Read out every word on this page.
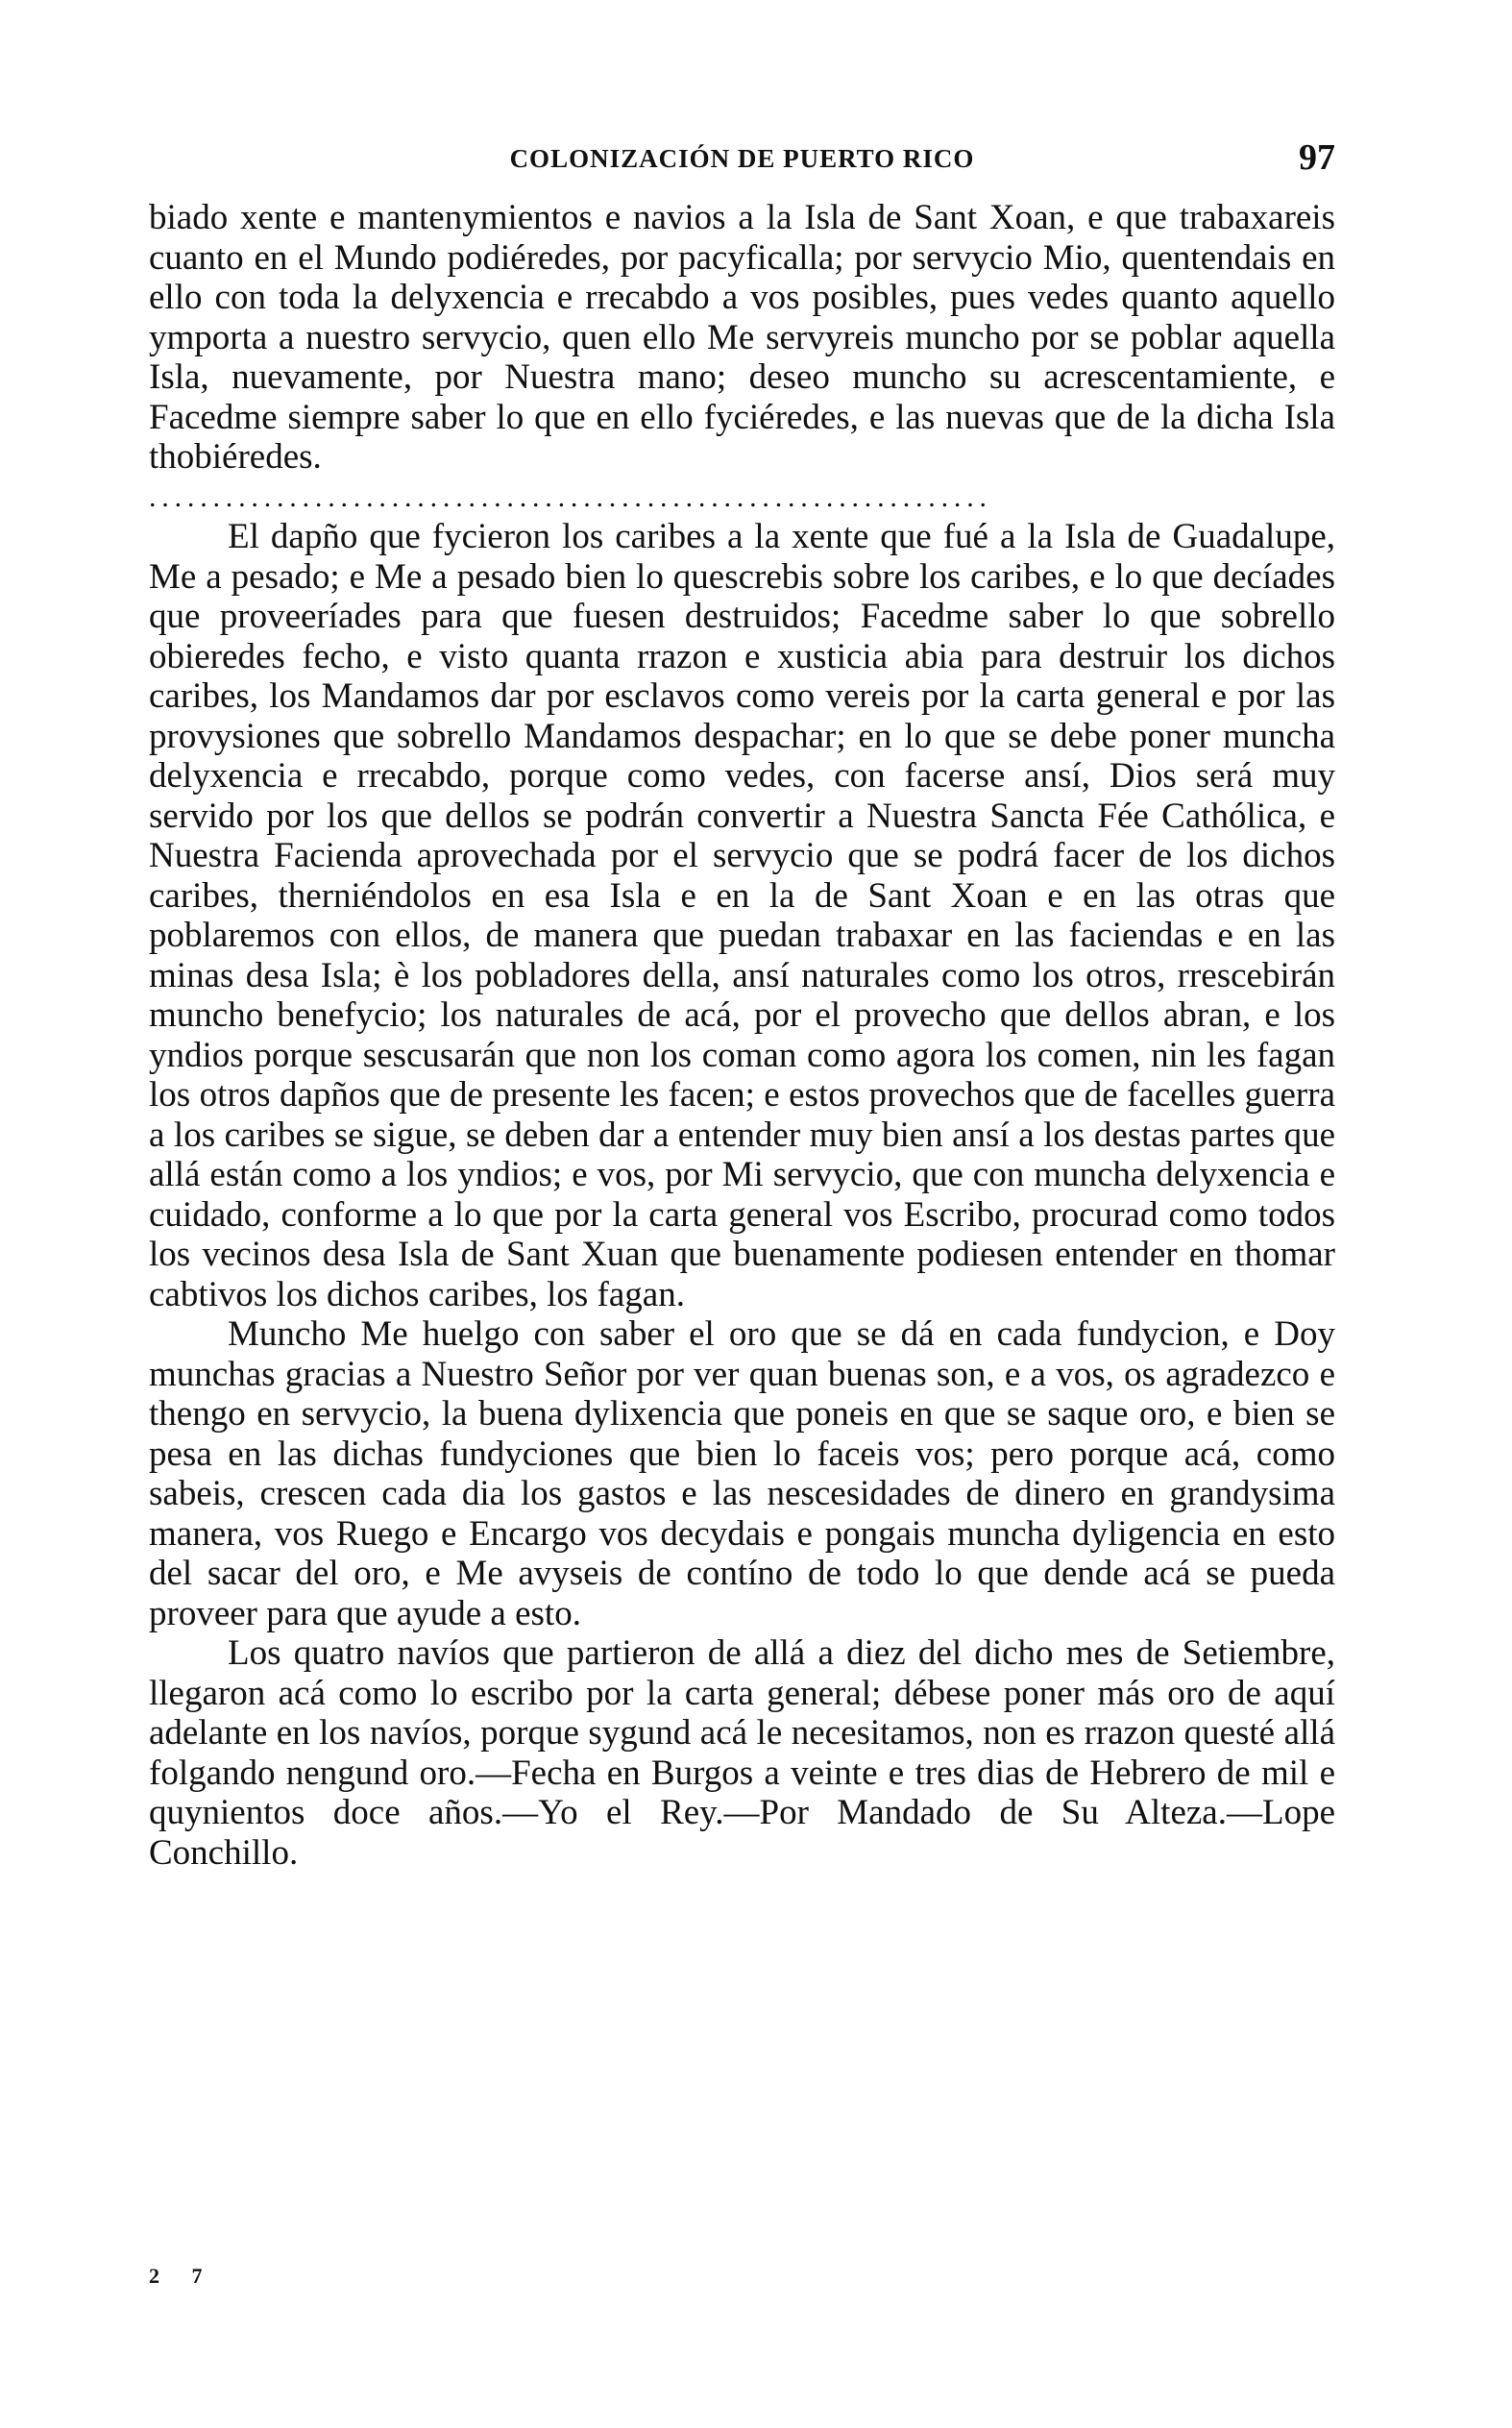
COLONIZACIÓN DE PUERTO RICO	97

biado xente e mantenymientos e navios a la Isla de Sant Xoan, e que trabaxareis cuanto en el Mundo podiéredes, por pacyficalla; por servycio Mio, quentendais en ello con toda la delyxencia e rrecabdo a vos posibles, pues vedes quanto aquello ymporta a nuestro servycio, quen ello Me servyreis muncho por se poblar aquella Isla, nuevamente, por Nuestra mano; deseo muncho su acrescentamiente, e Facedme siempre saber lo que en ello fyciéredes, e las nuevas que de la dicha Isla thobiéredes.

..................................................................

El dapño que fycieron los caribes a la xente que fué a la Isla de Guadalupe, Me a pesado; e Me a pesado bien lo quescrebis sobre los caribes, e lo que decíades que proveeríades para que fuesen destruidos; Facedme saber lo que sobrello obieredes fecho, e visto quanta rrazon e xusticia abia para destruir los dichos caribes, los Mandamos dar por esclavos como vereis por la carta general e por las provysiones que sobrello Mandamos despachar; en lo que se debe poner muncha delyxencia e rrecabdo, porque como vedes, con facerse ansí, Dios será muy servido por los que dellos se podrán convertir a Nuestra Sancta Fée Cathólica, e Nuestra Facienda aprovechada por el servycio que se podrá facer de los dichos caribes, therniéndolos en esa Isla e en la de Sant Xoan e en las otras que poblaremos con ellos, de manera que puedan trabaxar en las faciendas e en las minas desa Isla; è los pobladores della, ansí naturales como los otros, rrescebirán muncho benefycio; los naturales de acá, por el provecho que dellos abran, e los yndios porque sescusarán que non los coman como agora los comen, nin les fagan los otros dapños que de presente les facen; e estos provechos que de facelles guerra a los caribes se sigue, se deben dar a entender muy bien ansí a los destas partes que allá están como a los yndios; e vos, por Mi servycio, que con muncha delyxencia e cuidado, conforme a lo que por la carta general vos Escribo, procurad como todos los vecinos desa Isla de Sant Xuan que buenamente podiesen entender en thomar cabtivos los dichos caribes, los fagan.

Muncho Me huelgo con saber el oro que se dá en cada fundycion, e Doy munchas gracias a Nuestro Señor por ver quan buenas son, e a vos, os agradezco e thengo en servycio, la buena dylixencia que poneis en que se saque oro, e bien se pesa en las dichas fundyciones que bien lo faceis vos; pero porque acá, como sabeis, crescen cada dia los gastos e las nescesidades de dinero en grandysima manera, vos Ruego e Encargo vos decydais e pongais muncha dyligencia en esto del sacar del oro, e Me avyseis de contíno de todo lo que dende acá se pueda proveer para que ayude a esto.

Los quatro navíos que partieron de allá a diez del dicho mes de Setiembre, llegaron acá como lo escribo por la carta general; débese poner más oro de aquí adelante en los navíos, porque sygund acá le necesitamos, non es rrazon questé allá folgando nengund oro.—Fecha en Burgos a veinte e tres dias de Hebrero de mil e quynientos doce años.—Yo el Rey.—Por Mandado de Su Alteza.—Lope Conchillo.

2 7
